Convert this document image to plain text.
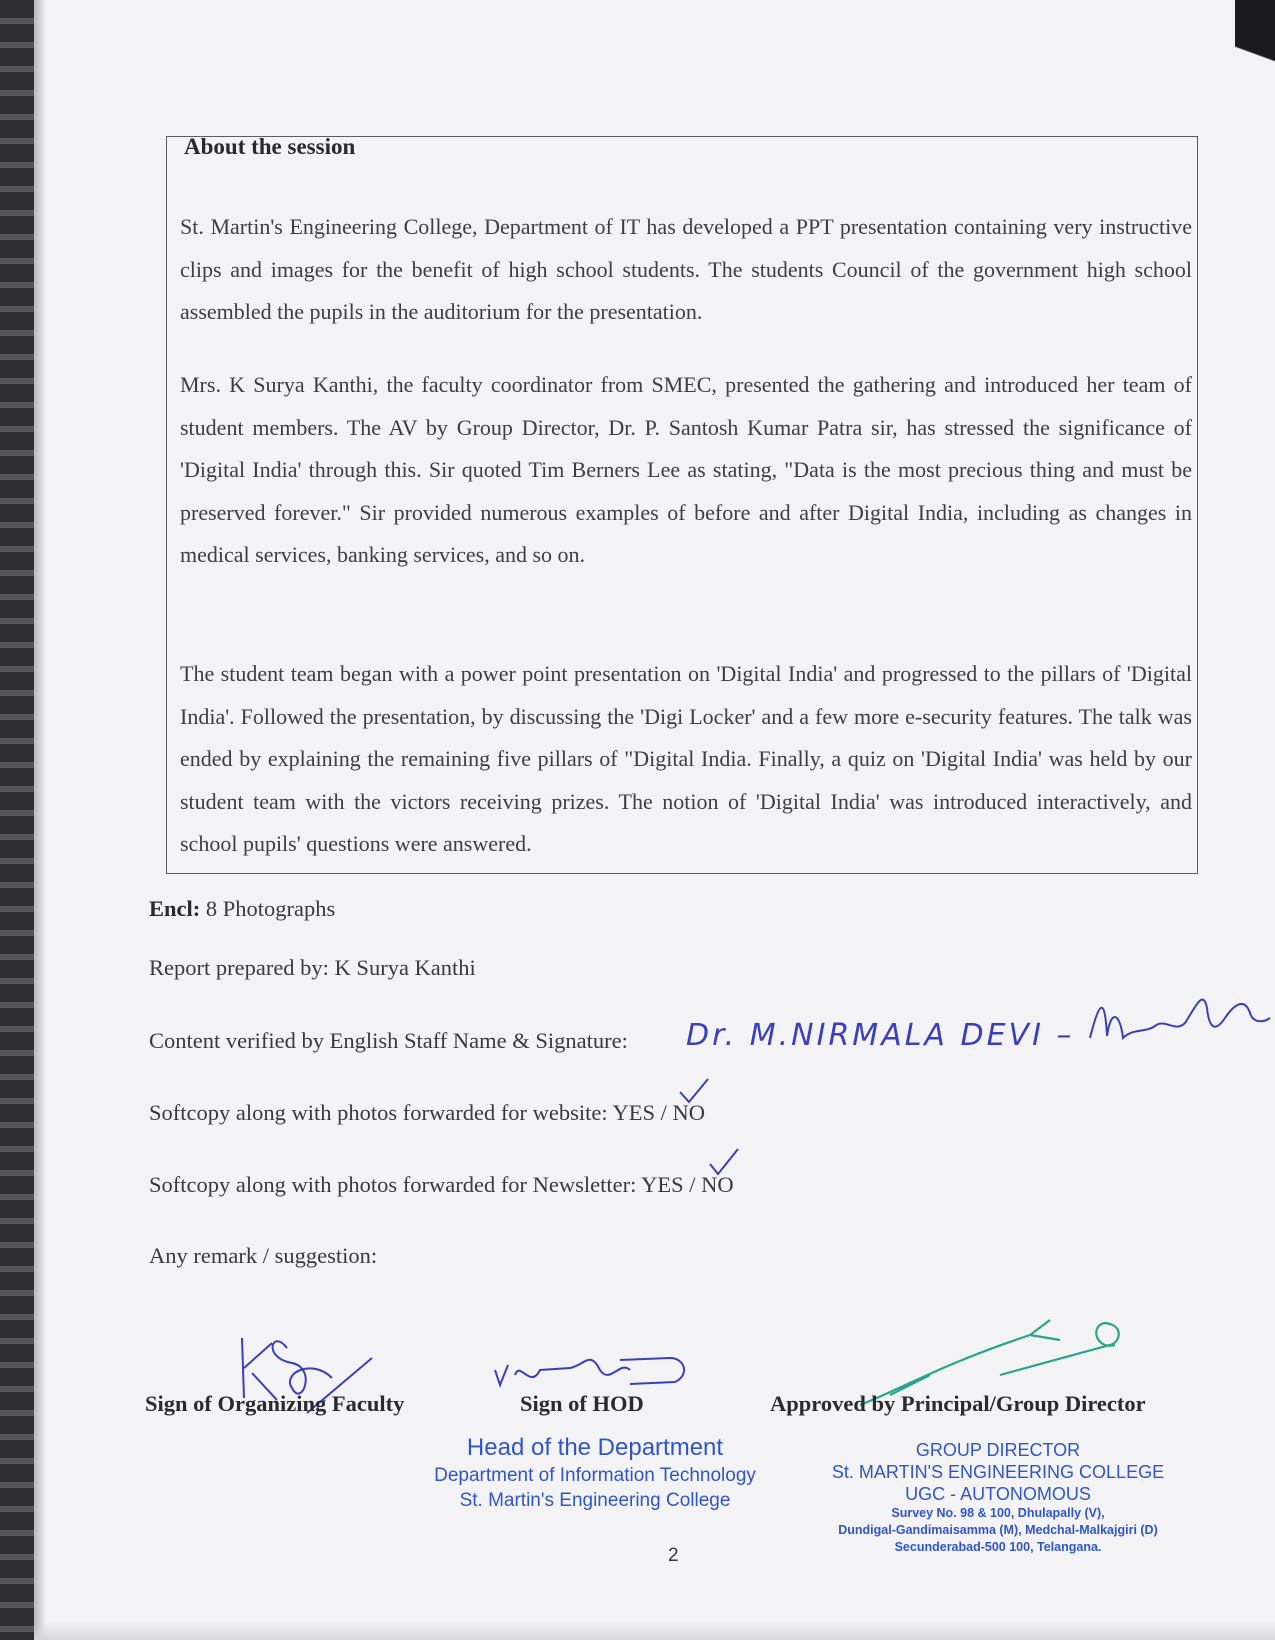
About the session
St. Martin's Engineering College, Department of IT has developed a PPT presentation containing very instructive clips and images for the benefit of high school students. The students Council of the government high school assembled the pupils in the auditorium for the presentation.
Mrs. K Surya Kanthi, the faculty coordinator from SMEC, presented the gathering and introduced her team of student members. The AV by Group Director, Dr. P. Santosh Kumar Patra sir, has stressed the significance of 'Digital India' through this. Sir quoted Tim Berners Lee as stating, "Data is the most precious thing and must be preserved forever." Sir provided numerous examples of before and after Digital India, including as changes in medical services, banking services, and so on.
The student team began with a power point presentation on 'Digital India' and progressed to the pillars of 'Digital India'. Followed the presentation, by discussing the 'Digi Locker' and a few more e-security features. The talk was ended by explaining the remaining five pillars of "Digital India. Finally, a quiz on 'Digital India' was held by our student team with the victors receiving prizes. The notion of 'Digital India' was introduced interactively, and school pupils' questions were answered.
Encl: 8 Photographs
Report prepared by: K Surya Kanthi
Content verified by English Staff Name & Signature: Dr. M.NIRMALA DEVI –
Softcopy along with photos forwarded for website: YES / NO
Softcopy along with photos forwarded for Newsletter: YES / NO
Any remark / suggestion:
Sign of Organizing Faculty	Sign of HOD	Approved by Principal/Group Director
Head of the Department
Department of Information Technology
St. Martin's Engineering College
GROUP DIRECTOR
St. MARTIN'S ENGINEERING COLLEGE
UGC - AUTONOMOUS
Survey No. 98 & 100, Dhulapally (V),
Dundigal-Gandimaisamma (M), Medchal-Malkajgiri (D)
Secunderabad-500 100, Telangana.
2
